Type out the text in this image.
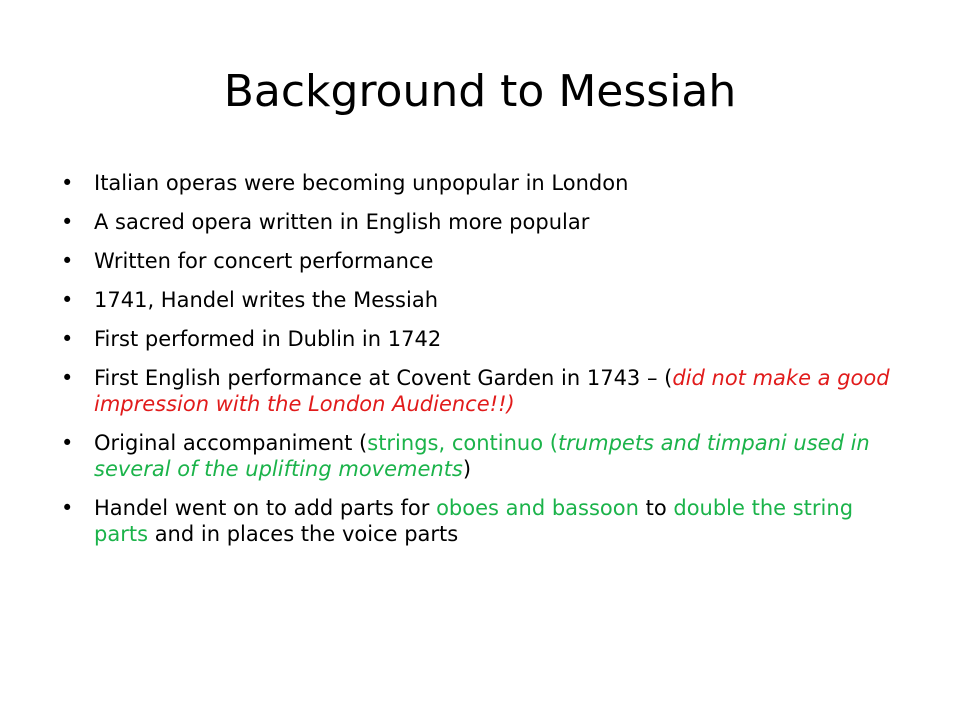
Background to Messiah
• Italian operas were becoming unpopular in London
• A sacred opera written in English more popular
• Written for concert performance
• 1741, Handel writes the Messiah
• First performed in Dublin in 1742
• First English performance at Covent Garden in 1743 – (did not make a good impression with the London Audience!!)
• Original accompaniment (strings, continuo (trumpets and timpani used in several of the uplifting movements)
• Handel went on to add parts for oboes and bassoon to double the string parts and in places the voice parts
